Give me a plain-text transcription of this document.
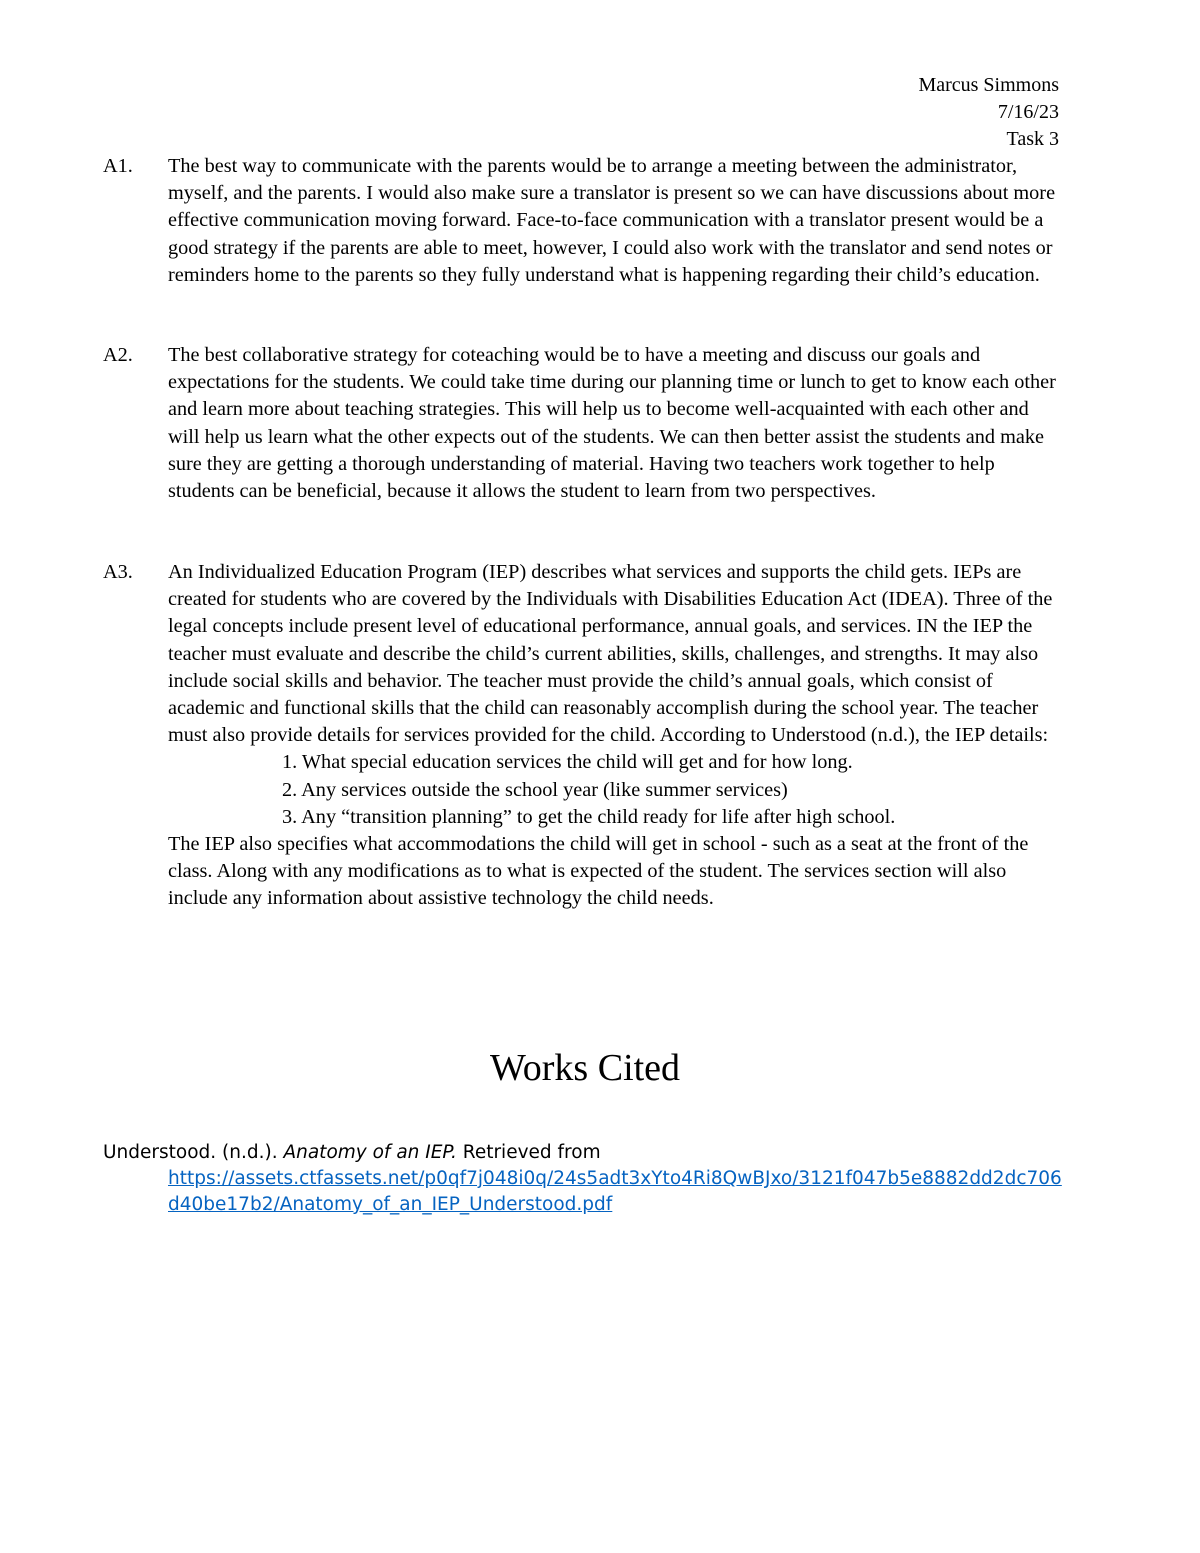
Marcus Simmons
7/16/23
Task 3
A1.	The best way to communicate with the parents would be to arrange a meeting between the administrator, myself, and the parents. I would also make sure a translator is present so we can have discussions about more effective communication moving forward. Face-to-face communication with a translator present would be a good strategy if the parents are able to meet, however, I could also work with the translator and send notes or reminders home to the parents so they fully understand what is happening regarding their child’s education.

A2.	The best collaborative strategy for coteaching would be to have a meeting and discuss our goals and expectations for the students. We could take time during our planning time or lunch to get to know each other and learn more about teaching strategies. This will help us to become well-acquainted with each other and will help us learn what the other expects out of the students. We can then better assist the students and make sure they are getting a thorough understanding of material. Having two teachers work together to help students can be beneficial, because it allows the student to learn from two perspectives.

A3.	An Individualized Education Program (IEP) describes what services and supports the child gets. IEPs are created for students who are covered by the Individuals with Disabilities Education Act (IDEA). Three of the legal concepts include present level of educational performance, annual goals, and services. IN the IEP the teacher must evaluate and describe the child’s current abilities, skills, challenges, and strengths. It may also include social skills and behavior. The teacher must provide the child’s annual goals, which consist of academic and functional skills that the child can reasonably accomplish during the school year. The teacher must also provide details for services provided for the child. According to Understood (n.d.), the IEP details:

1. What special education services the child will get and for how long.
2. Any services outside the school year (like summer services)
3. Any “transition planning” to get the child ready for life after high school.

The IEP also specifies what accommodations the child will get in school - such as a seat at the front of the class. Along with any modifications as to what is expected of the student. The services section will also include any information about assistive technology the child needs.

Works Cited
Understood. (n.d.). Anatomy of an IEP. Retrieved from
https://assets.ctfassets.net/p0qf7j048i0q/24s5adt3xYto4Ri8QwBJxo/3121f047b5e8882dd2dc706d40be17b2/Anatomy_of_an_IEP_Understood.pdf
